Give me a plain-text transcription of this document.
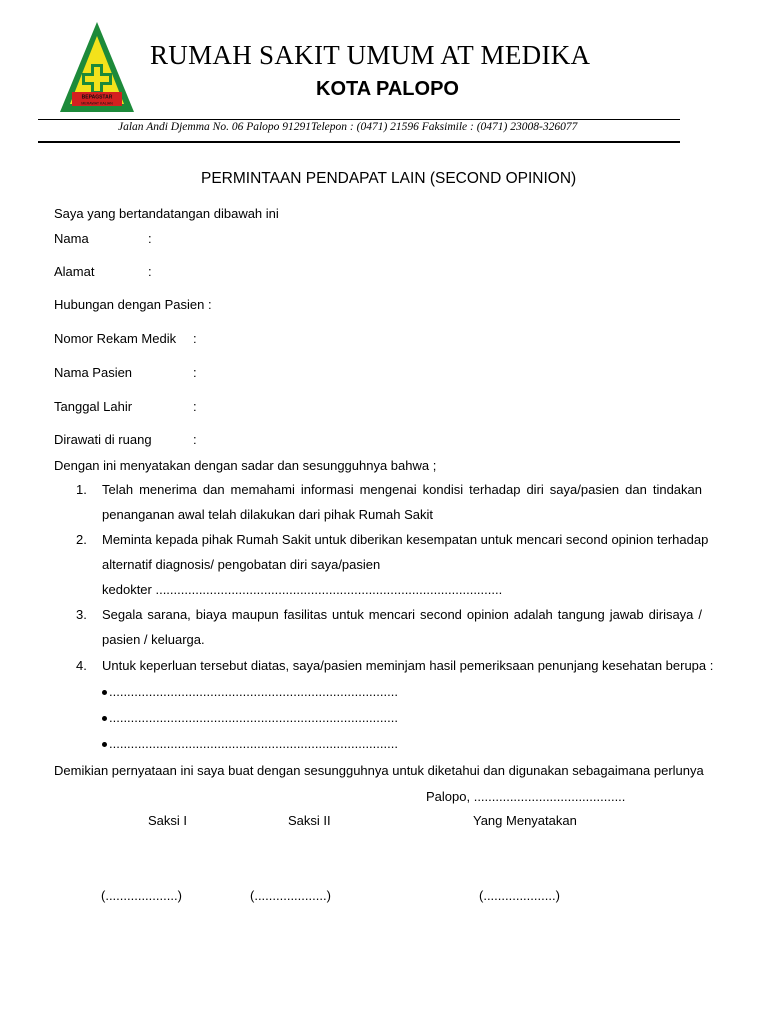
BEPAGSTAR
MERAWAT KALIAN
RUMAH SAKIT UMUM AT MEDIKA
KOTA PALOPO
Jalan Andi Djemma No. 06 Palopo 91291Telepon : (0471) 21596 Faksimile : (0471) 23008-326077
PERMINTAAN PENDAPAT LAIN (SECOND OPINION)
Saya yang bertandatangan dibawah ini
Nama	:
Alamat	:
Hubungan dengan Pasien :
Nomor Rekam Medik :
Nama Pasien	:
Tanggal Lahir	:
Dirawati di ruang	:
Dengan ini menyatakan dengan sadar dan sesungguhnya bahwa ;
1. Telah menerima dan memahami informasi mengenai kondisi terhadap diri saya/pasien dan tindakan
penanganan awal telah dilakukan dari pihak Rumah Sakit
2. Meminta kepada pihak Rumah Sakit untuk diberikan kesempatan untuk mencari second opinion terhadap
alternatif diagnosis/ pengobatan diri saya/pasien
kedokter ................................................................................................
3. Segala sarana, biaya maupun fasilitas untuk mencari second opinion adalah tangung jawab dirisaya /
pasien / keluarga.
4. Untuk keperluan tersebut diatas, saya/pasien meminjam hasil pemeriksaan penunjang kesehatan berupa :
................................................................................
................................................................................
................................................................................
Demikian pernyataan ini saya buat dengan sesungguhnya untuk diketahui dan digunakan sebagaimana perlunya
Palopo, ..........................................
Saksi I	Saksi II	Yang Menyatakan
(....................)	(....................)	(....................)
